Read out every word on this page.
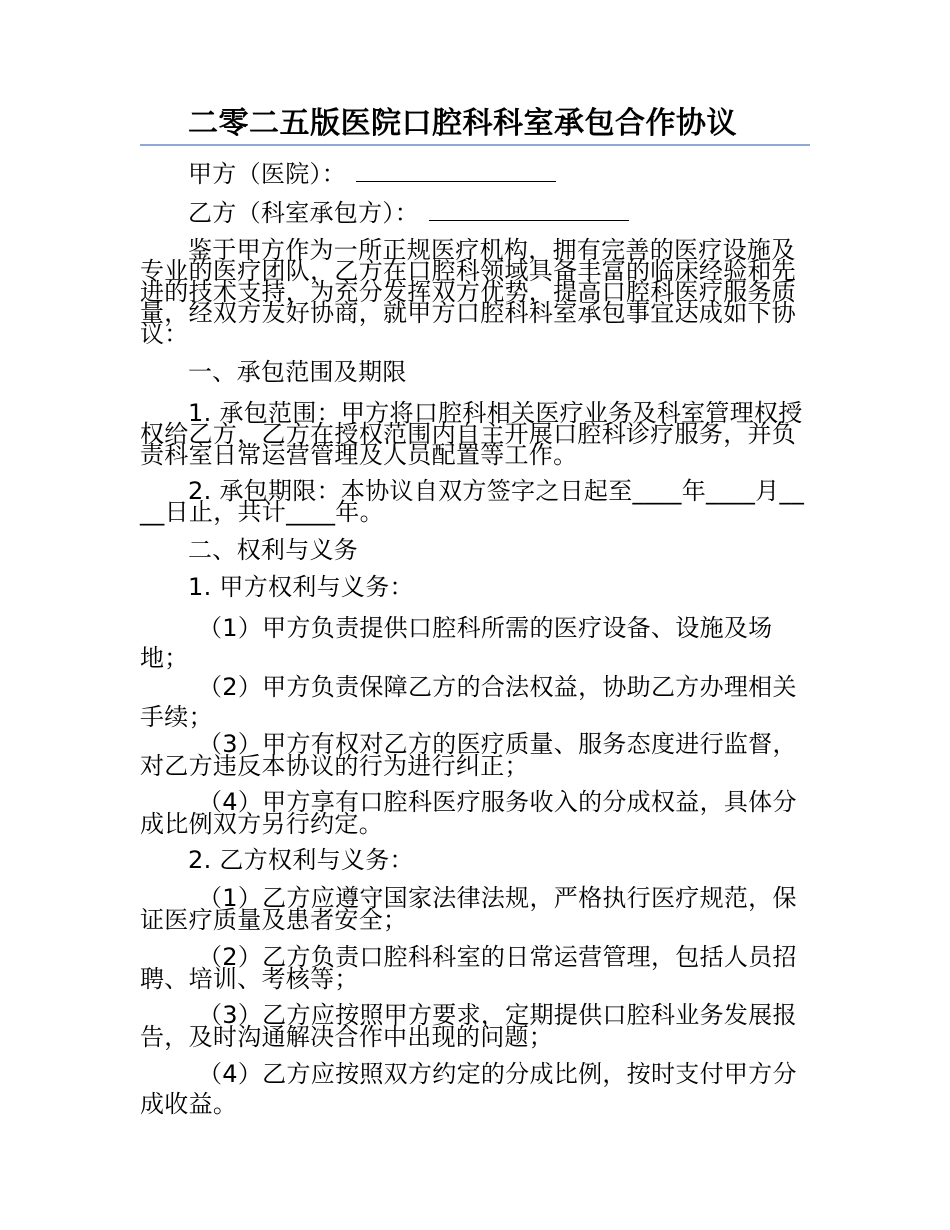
二零二五版医院口腔科科室承包合作协议
甲方（医院）：
乙方（科室承包方）：
鉴于甲方作为一所正规医疗机构，拥有完善的医疗设施及专业的医疗团队，乙方在口腔科领域具备丰富的临床经验和先进的技术支持，为充分发挥双方优势，提高口腔科医疗服务质量，经双方友好协商，就甲方口腔科科室承包事宜达成如下协议：
一、承包范围及期限
1. 承包范围：甲方将口腔科相关医疗业务及科室管理权授权给乙方，乙方在授权范围内自主开展口腔科诊疗服务，并负责科室日常运营管理及人员配置等工作。
2. 承包期限：本协议自双方签字之日起至____年____月____日止，共计____年。
二、权利与义务
1. 甲方权利与义务：
（1）甲方负责提供口腔科所需的医疗设备、设施及场地；
（2）甲方负责保障乙方的合法权益，协助乙方办理相关手续；
（3）甲方有权对乙方的医疗质量、服务态度进行监督，对乙方违反本协议的行为进行纠正；
（4）甲方享有口腔科医疗服务收入的分成权益，具体分成比例双方另行约定。
2. 乙方权利与义务：
（1）乙方应遵守国家法律法规，严格执行医疗规范，保证医疗质量及患者安全；
（2）乙方负责口腔科科室的日常运营管理，包括人员招聘、培训、考核等；
（3）乙方应按照甲方要求，定期提供口腔科业务发展报告，及时沟通解决合作中出现的问题；
（4）乙方应按照双方约定的分成比例，按时支付甲方分成收益。
